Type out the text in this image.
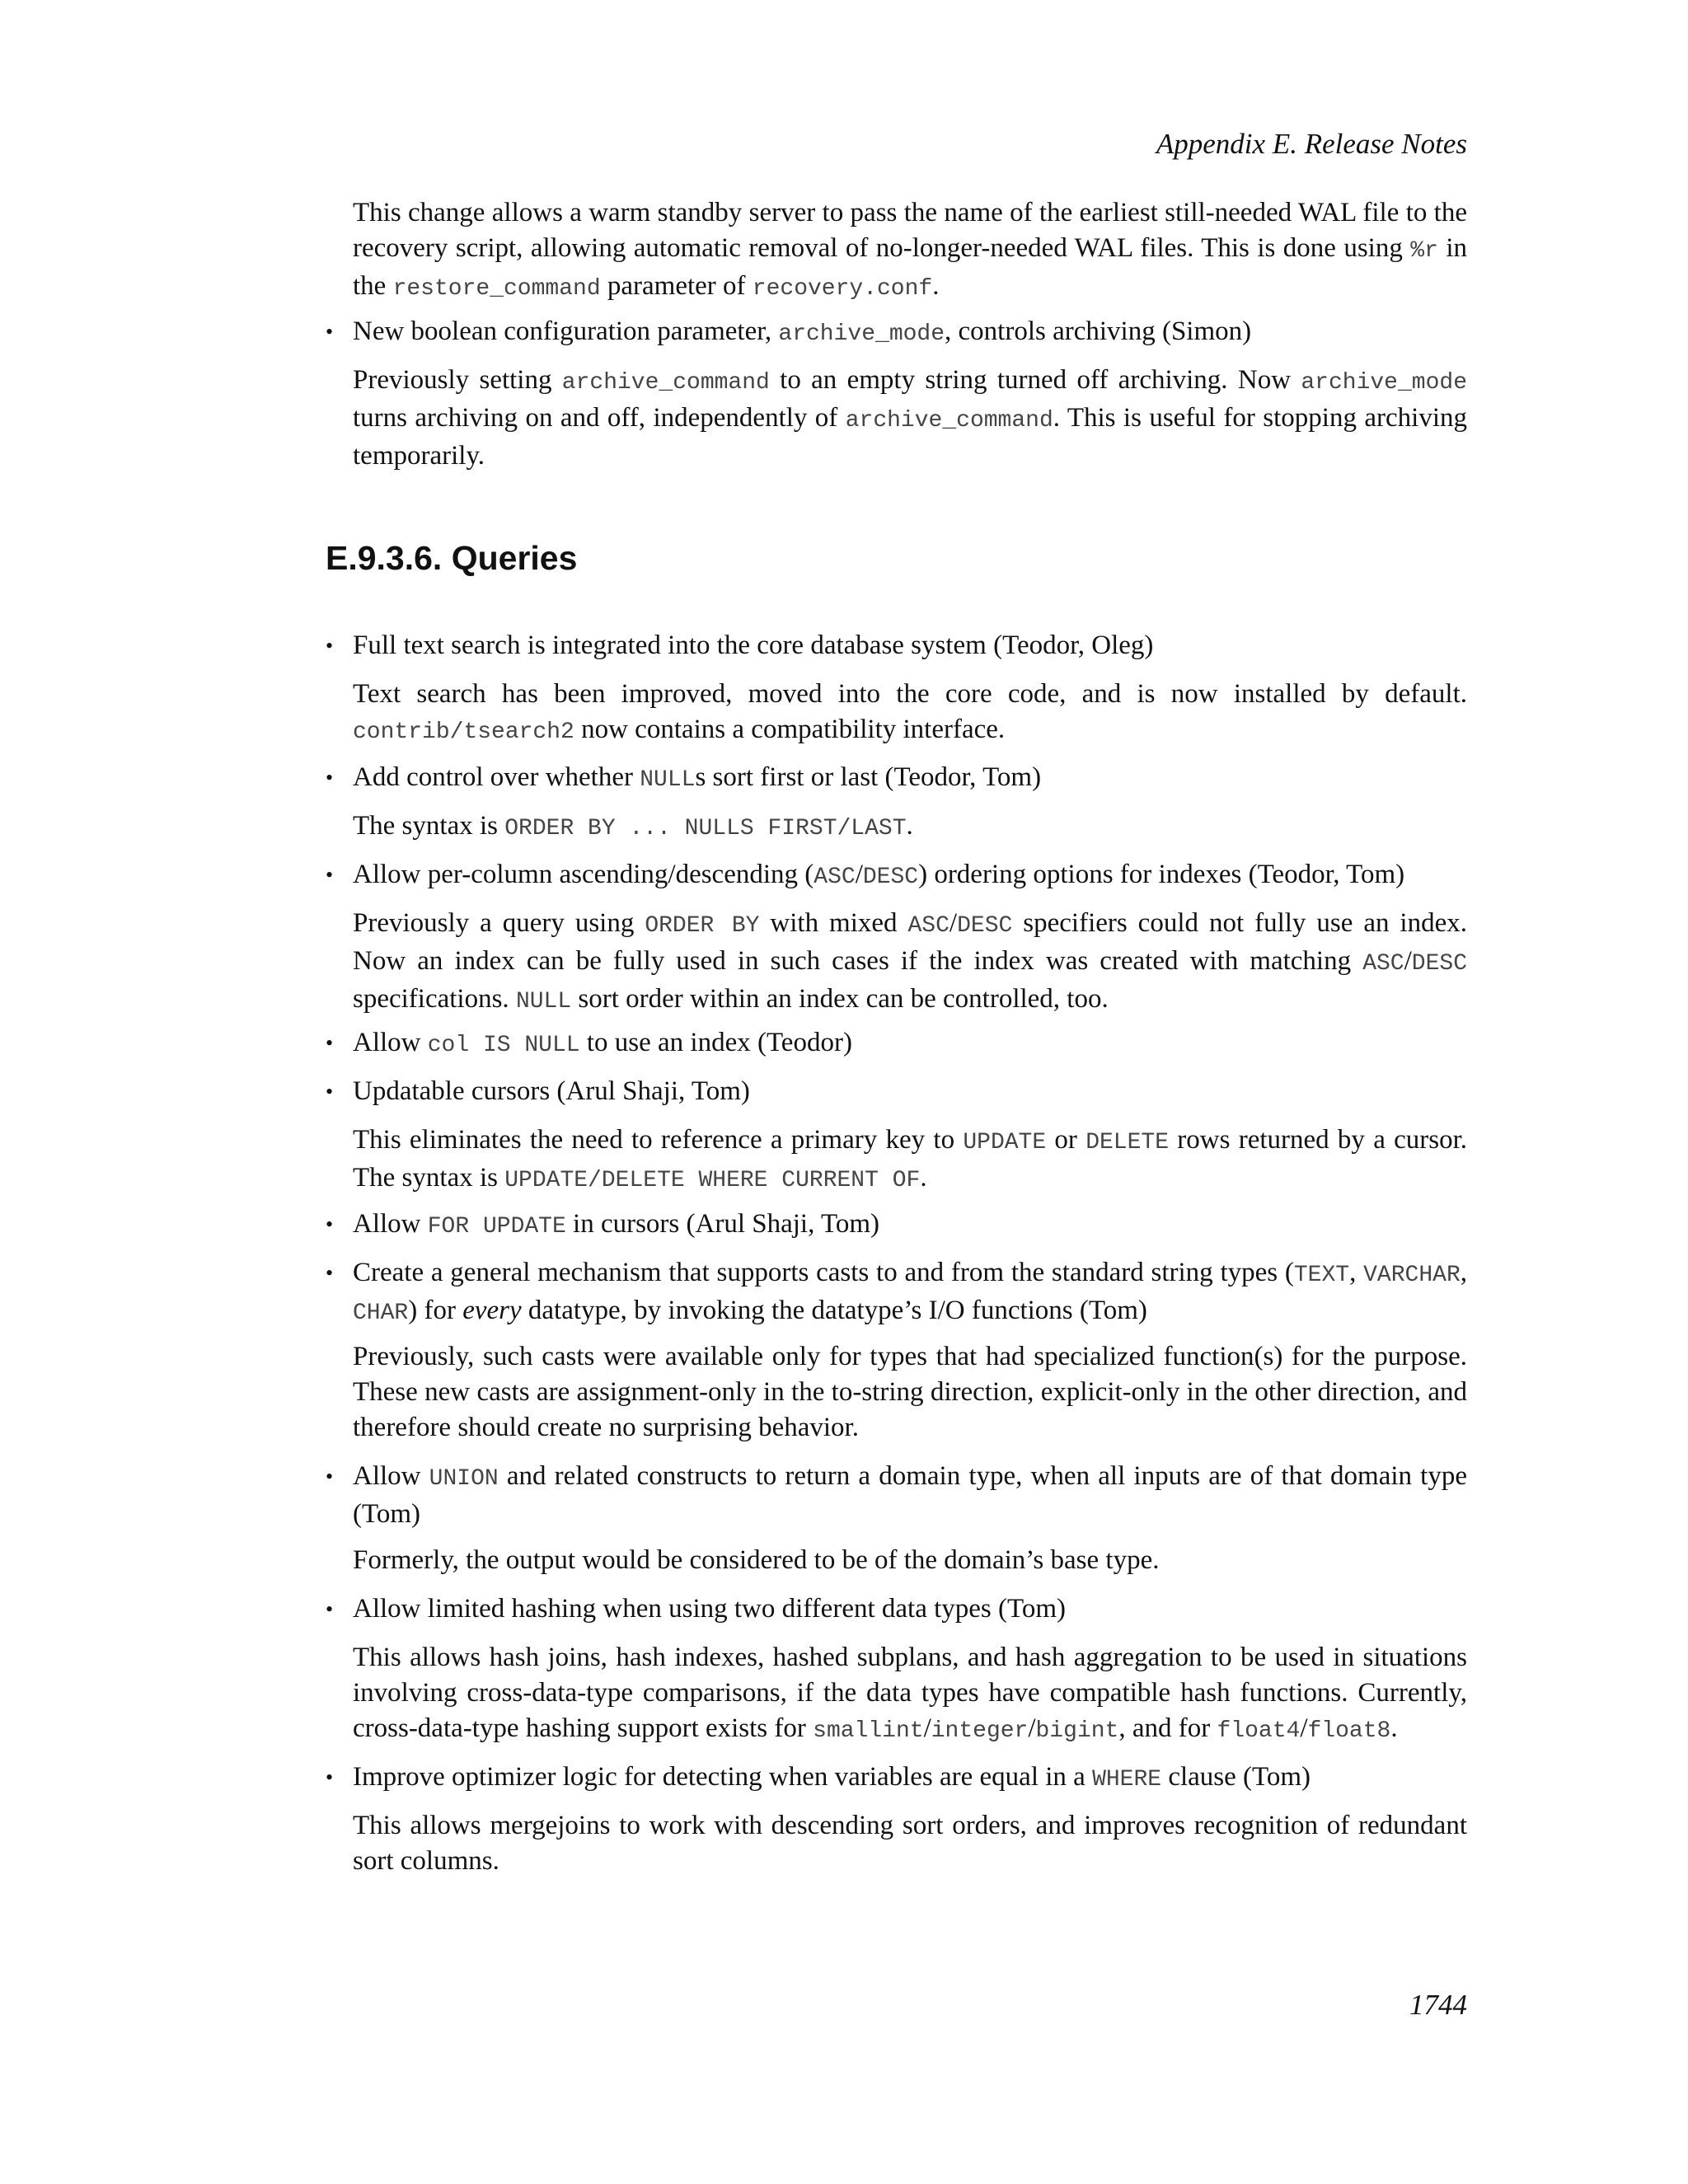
Appendix E. Release Notes

This change allows a warm standby server to pass the name of the earliest still-needed WAL file to the recovery script, allowing automatic removal of no-longer-needed WAL files. This is done using %r in the restore_command parameter of recovery.conf.

• New boolean configuration parameter, archive_mode, controls archiving (Simon)

Previously setting archive_command to an empty string turned off archiving. Now archive_mode turns archiving on and off, independently of archive_command. This is useful for stopping archiving temporarily.

E.9.3.6. Queries
• Full text search is integrated into the core database system (Teodor, Oleg)

Text search has been improved, moved into the core code, and is now installed by default. contrib/tsearch2 now contains a compatibility interface.

• Add control over whether NULLs sort first or last (Teodor, Tom)

The syntax is ORDER BY ... NULLS FIRST/LAST.

• Allow per-column ascending/descending (ASC/DESC) ordering options for indexes (Teodor, Tom)

Previously a query using ORDER BY with mixed ASC/DESC specifiers could not fully use an index. Now an index can be fully used in such cases if the index was created with matching ASC/DESC specifications. NULL sort order within an index can be controlled, too.

• Allow col IS NULL to use an index (Teodor)

• Updatable cursors (Arul Shaji, Tom)

This eliminates the need to reference a primary key to UPDATE or DELETE rows returned by a cursor. The syntax is UPDATE/DELETE WHERE CURRENT OF.

• Allow FOR UPDATE in cursors (Arul Shaji, Tom)

• Create a general mechanism that supports casts to and from the standard string types (TEXT, VARCHAR, CHAR) for every datatype, by invoking the datatype’s I/O functions (Tom)

Previously, such casts were available only for types that had specialized function(s) for the purpose. These new casts are assignment-only in the to-string direction, explicit-only in the other direction, and therefore should create no surprising behavior.

• Allow UNION and related constructs to return a domain type, when all inputs are of that domain type (Tom)

Formerly, the output would be considered to be of the domain’s base type.

• Allow limited hashing when using two different data types (Tom)

This allows hash joins, hash indexes, hashed subplans, and hash aggregation to be used in situations involving cross-data-type comparisons, if the data types have compatible hash functions. Currently, cross-data-type hashing support exists for smallint/integer/bigint, and for float4/float8.

• Improve optimizer logic for detecting when variables are equal in a WHERE clause (Tom)

This allows mergejoins to work with descending sort orders, and improves recognition of redundant sort columns.

1744
